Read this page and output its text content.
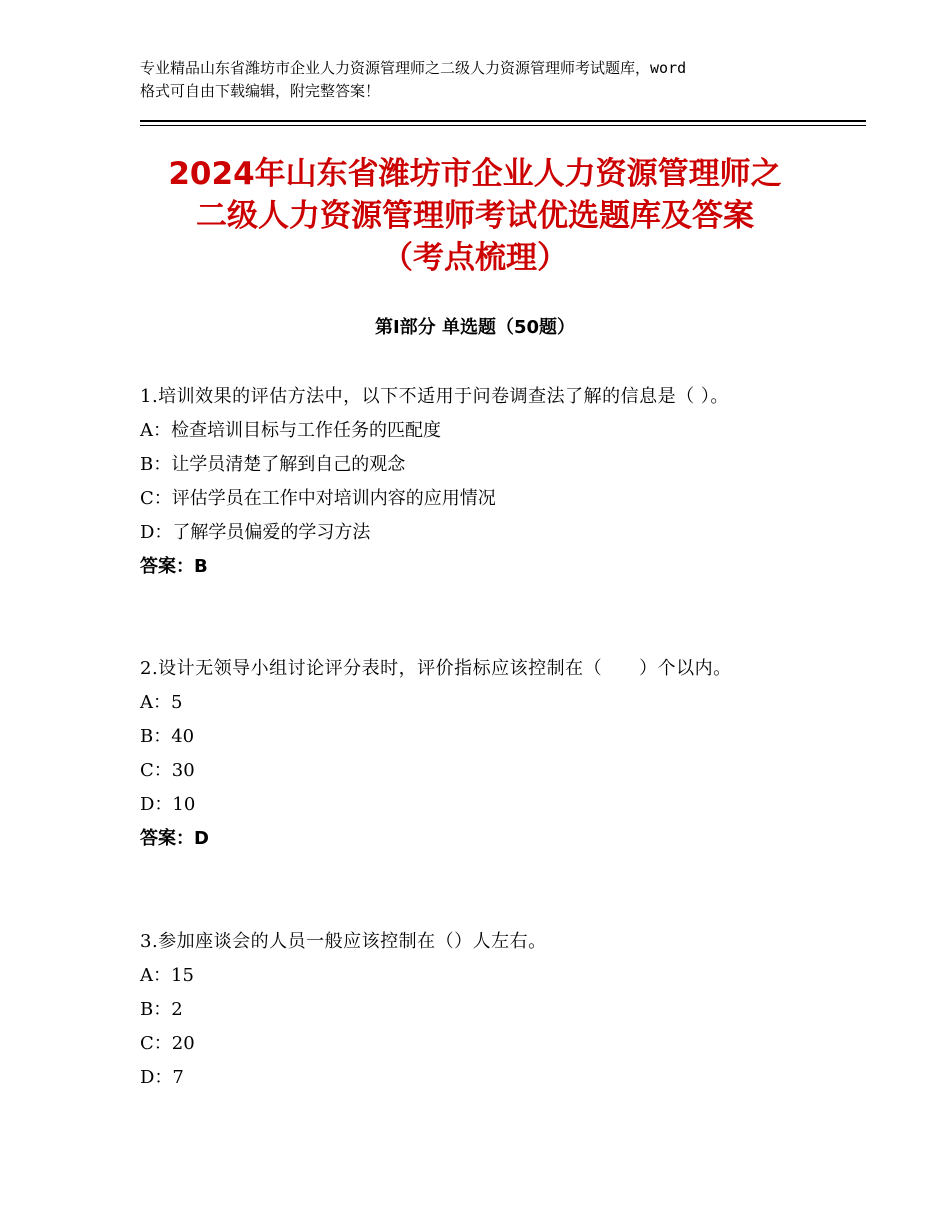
专业精品山东省潍坊市企业人力资源管理师之二级人力资源管理师考试题库，word
格式可自由下载编辑，附完整答案！
2024年山东省潍坊市企业人力资源管理师之
二级人力资源管理师考试优选题库及答案
（考点梳理）
第Ⅰ部分 单选题（50题）
1.培训效果的评估方法中，以下不适用于问卷调查法了解的信息是（ ）。
A：检查培训目标与工作任务的匹配度
B：让学员清楚了解到自己的观念
C：评估学员在工作中对培训内容的应用情况
D：了解学员偏爱的学习方法
答案：B
2.设计无领导小组讨论评分表时，评价指标应该控制在（　　）个以内。
A：5
B：40
C：30
D：10
答案：D
3.参加座谈会的人员一般应该控制在（）人左右。
A：15
B：2
C：20
D：7
